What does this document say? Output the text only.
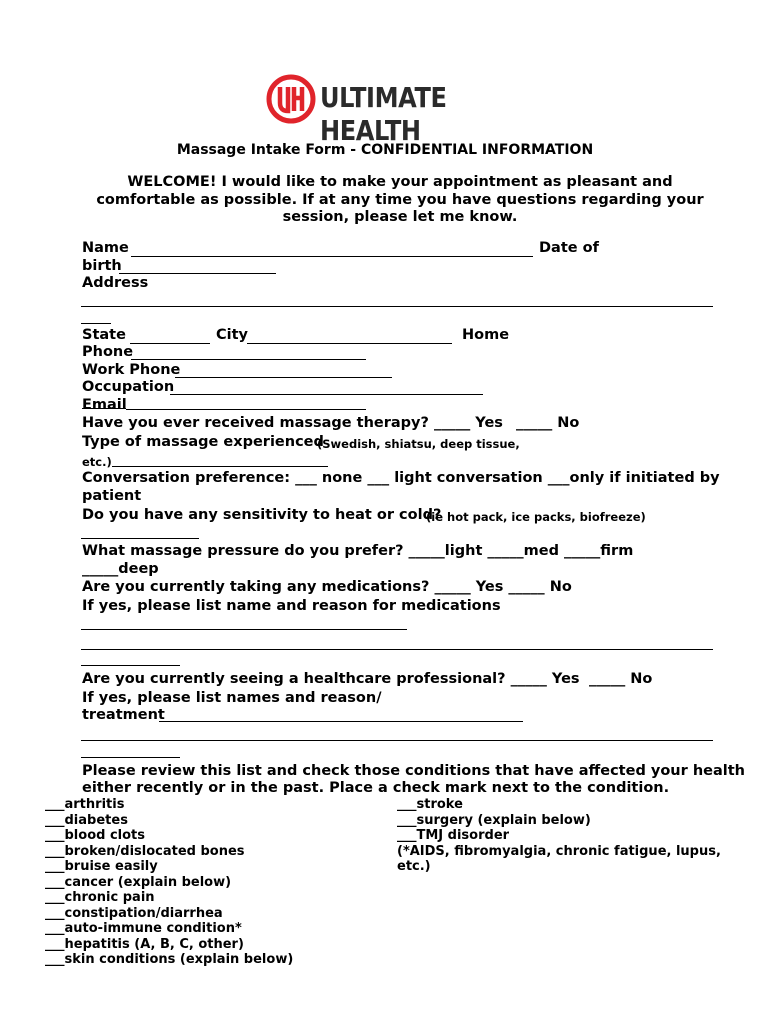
ULTIMATE HEALTH
Massage Intake Form - CONFIDENTIAL INFORMATION
WELCOME! I would like to make your appointment as pleasant and comfortable as possible. If at any time you have questions regarding your session, please let me know.
Name	Date of
birth
Address
State	City	Home
Phone
Work Phone
Occupation
Email
Have you ever received massage therapy? _____ Yes _____ No
Type of massage experienced
(Swedish, shiatsu, deep tissue,
etc.)
Conversation preference: ___ none ___ light conversation ___only if initiated by
patient
Do you have any sensitivity to heat or cold?
(ie hot pack, ice packs, biofreeze)
What massage pressure do you prefer? _____light _____med _____firm
_____deep
Are you currently taking any medications? _____ Yes _____ No
If yes, please list name and reason for medications
Are you currently seeing a healthcare professional? _____ Yes _____ No
If yes, please list names and reason/
treatment
Please review this list and check those conditions that have affected your health
either recently or in the past. Place a check mark next to the condition.
___arthritis
___diabetes
___blood clots
___broken/dislocated bones
___bruise easily
___cancer (explain below)
___chronic pain
___constipation/diarrhea
___auto-immune condition*
___hepatitis (A, B, C, other)
___skin conditions (explain below)
___stroke
___surgery (explain below)
___TMJ disorder
(*AIDS, fibromyalgia, chronic fatigue, lupus,
etc.)
